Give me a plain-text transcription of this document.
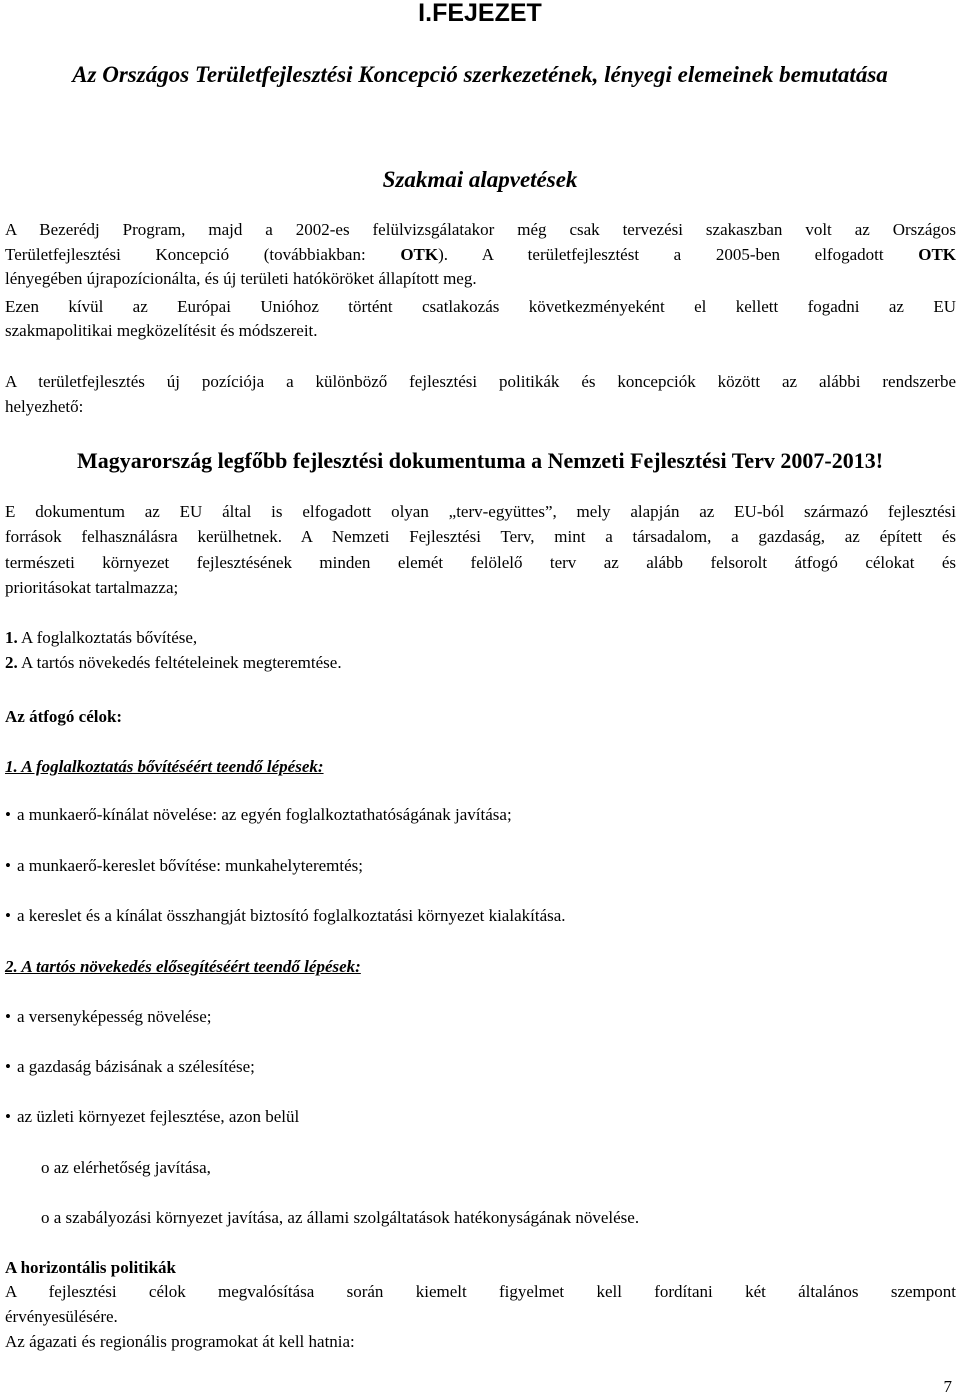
I.FEJEZET
Az Országos Területfejlesztési Koncepció szerkezetének, lényegi elemeinek bemutatása
Szakmai alapvetések

A Bezerédj Program, majd a 2002-es felülvizsgálatakor még csak tervezési szakaszban volt az Országos

Területfejlesztési Koncepció (továbbiakban: OTK). A területfejlesztést a 2005-ben elfogadott OTK

lényegében újrapozícionálta, és új területi hatóköröket állapított meg.

Ezen kívül az Európai Unióhoz történt csatlakozás következményeként el kellett fogadni az EU

szakmapolitikai megközelítésit és módszereit.

A területfejlesztés új pozíciója a különböző fejlesztési politikák és koncepciók között az alábbi rendszerbe

helyezhető:

Magyarország legfőbb fejlesztési dokumentuma a Nemzeti Fejlesztési Terv 2007-2013!

E dokumentum az EU által is elfogadott olyan „terv-együttes”, mely alapján az EU-ból származó fejlesztési

források felhasználásra kerülhetnek. A Nemzeti Fejlesztési Terv, mint a társadalom, a gazdaság, az épített és

természeti környezet fejlesztésének minden elemét felölelő terv az alább felsorolt átfogó célokat és

prioritásokat tartalmazza;

1. A foglalkoztatás bővítése,

2. A tartós növekedés feltételeinek megteremtése.

Az átfogó célok:

1. A foglalkoztatás bővítéséért teendő lépések:

• a munkaerő-kínálat növelése: az egyén foglalkoztathatóságának javítása;

• a munkaerő-kereslet bővítése: munkahelyteremtés;

• a kereslet és a kínálat összhangját biztosító foglalkoztatási környezet kialakítása.

2. A tartós növekedés elősegítéséért teendő lépések:

• a versenyképesség növelése;

• a gazdaság bázisának a szélesítése;

• az üzleti környezet fejlesztése, azon belül

o az elérhetőség javítása,

o a szabályozási környezet javítása, az állami szolgáltatások hatékonyságának növelése.

A horizontális politikák

A fejlesztési célok megvalósítása során kiemelt figyelmet kell fordítani két általános szempont

érvényesülésére.

Az ágazati és regionális programokat át kell hatnia:

7
